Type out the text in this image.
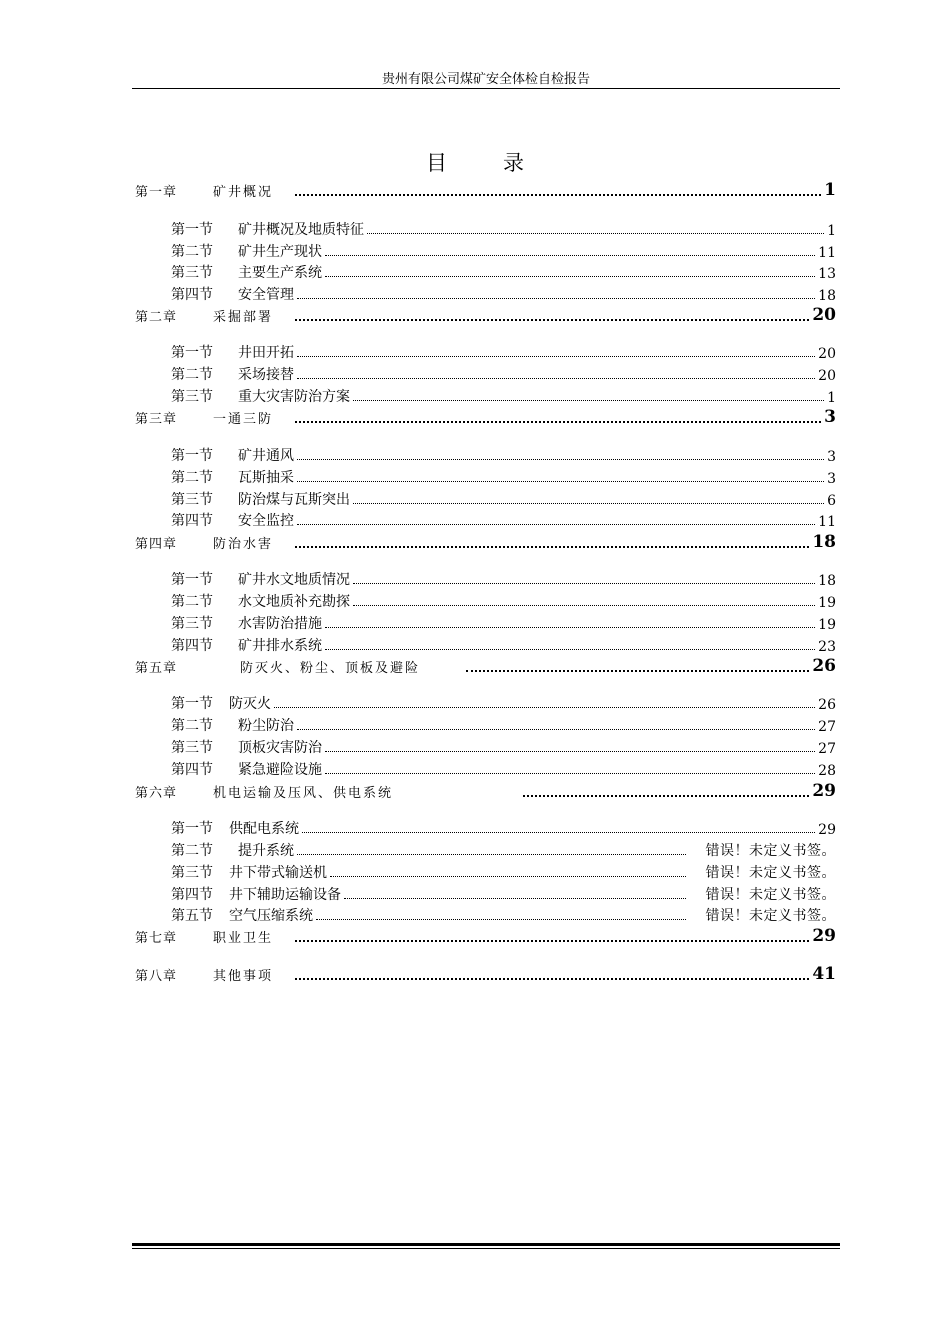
贵州有限公司煤矿安全体检自检报告
目录
第一章	矿井概况	1
第一节	矿井概况及地质特征	1
第二节	矿井生产现状	11
第三节	主要生产系统	13
第四节	安全管理	18
第二章	采掘部署	20
第一节	井田开拓	20
第二节	采场接替	20
第三节	重大灾害防治方案	1
第三章	一通三防	3
第一节	矿井通风	3
第二节	瓦斯抽采	3
第三节	防治煤与瓦斯突出	6
第四节	安全监控	11
第四章	防治水害	18
第一节	矿井水文地质情况	18
第二节	水文地质补充勘探	19
第三节	水害防治措施	19
第四节	矿井排水系统	23
第五章	防灭火、粉尘、顶板及避险	26
第一节	防灭火	26
第二节	粉尘防治	27
第三节	顶板灾害防治	27
第四节	紧急避险设施	28
第六章	机电运输及压风、供电系统	29
第一节	供配电系统	29
第二节	提升系统	错误！未定义书签。
第三节	井下带式输送机	错误！未定义书签。
第四节	井下辅助运输设备	错误！未定义书签。
第五节	空气压缩系统	错误！未定义书签。
第七章	职业卫生	29
第八章	其他事项	41
